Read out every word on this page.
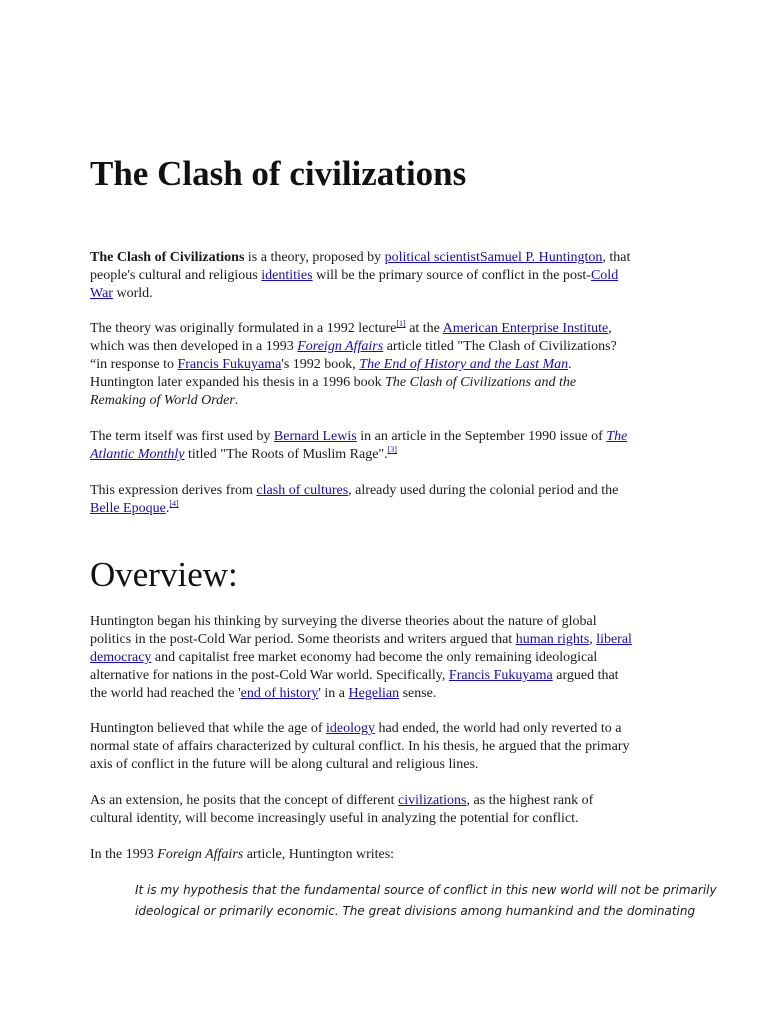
The Clash of civilizations
The Clash of Civilizations is a theory, proposed by political scientistSamuel P. Huntington, that
people's cultural and religious identities will be the primary source of conflict in the post-Cold
War world.
The theory was originally formulated in a 1992 lecture[1] at the American Enterprise Institute,
which was then developed in a 1993 Foreign Affairs article titled "The Clash of Civilizations?
“in response to Francis Fukuyama's 1992 book, The End of History and the Last Man.
Huntington later expanded his thesis in a 1996 book The Clash of Civilizations and the
Remaking of World Order.
The term itself was first used by Bernard Lewis in an article in the September 1990 issue of The
Atlantic Monthly titled "The Roots of Muslim Rage".[3]
This expression derives from clash of cultures, already used during the colonial period and the
Belle Epoque.[4]
Overview:
Huntington began his thinking by surveying the diverse theories about the nature of global
politics in the post-Cold War period. Some theorists and writers argued that human rights, liberal
democracy and capitalist free market economy had become the only remaining ideological
alternative for nations in the post-Cold War world. Specifically, Francis Fukuyama argued that
the world had reached the 'end of history' in a Hegelian sense.
Huntington believed that while the age of ideology had ended, the world had only reverted to a
normal state of affairs characterized by cultural conflict. In his thesis, he argued that the primary
axis of conflict in the future will be along cultural and religious lines.
As an extension, he posits that the concept of different civilizations, as the highest rank of
cultural identity, will become increasingly useful in analyzing the potential for conflict.
In the 1993 Foreign Affairs article, Huntington writes:
It is my hypothesis that the fundamental source of conflict in this new world will not be primarily
ideological or primarily economic. The great divisions among humankind and the dominating
